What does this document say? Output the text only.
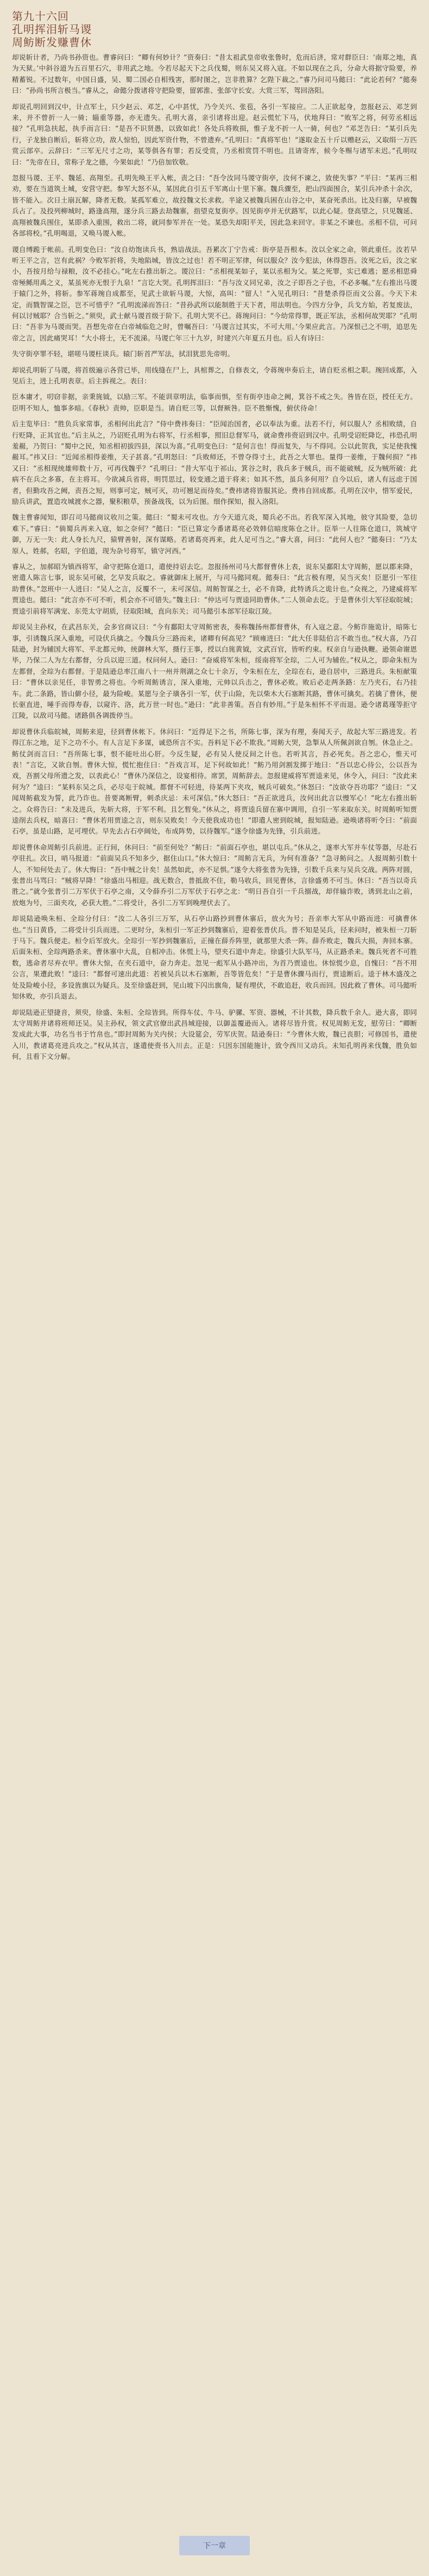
第九十六回
孔明挥泪斩马谡
周鲂断发赚曹休

却说斩计者，乃尚书孙资也。曹睿问曰：“卿有何妙计？”资奏曰：“昔太祖武皇帝收张鲁时，危而后济，常对群臣曰：‘南郑之地，真为天狱。’中斜谷道为五百里石穴，非用武之地。今若尽起天下之兵伐蜀，则东吴又将入寇。不如以现在之兵，分命大将据守险要，养精蓄锐。不过数年，中国日盛，吴、蜀二国必自相残害，那时图之，岂非胜算？乞陛下裁之。”睿乃问司马懿曰：“此论若何？”懿奏曰：“孙尚书所言极当。”睿从之，命懿分拨诸将守把险要，留郭淮、张郃守长安。大赏三军，驾回洛阳。

却说孔明回到汉中，计点军士，只少赵云、邓芝，心中甚忧，乃令关兴、张苞，各引一军接应。二人正欲起身，忽报赵云、邓芝到来，并不曾折一人一骑；辎重等器，亦无遗失。孔明大喜，亲引诸将出迎。赵云慌忙下马，伏地拜曰：“败军之将，何劳丞相远接？”孔明急扶起，执手而言曰：“是吾不识贤愚，以致如此！各处兵将败损，惟子龙不折一人一骑，何也？”邓芝告曰：“某引兵先行，子龙独自断后，斩将立功，敌人惊怕，因此军资什物，不曾遗弃。”孔明曰：“真将军也！”遂取金五十斤以赠赵云，又取绢一万匹赏云部卒。云辞曰：“三军无尺寸之功，某等俱各有罪；若反受赏，乃丞相赏罚不明也。且请寄库，候今冬赐与诸军未迟。”孔明叹曰：“先帝在日，常称子龙之德，今果如此！”乃倍加钦敬。

忽报马谡、王平、魏延、高翔至。孔明先唤王平入帐，责之曰：“吾令汝同马谡守街亭，汝何不谏之，致使失事？”平曰：“某再三相劝，要在当道筑土城，安营守把。参军大怒不从，某因此自引五千军离山十里下寨。魏兵骤至，把山四面围合，某引兵冲杀十余次，皆不能入。次日土崩瓦解，降者无数。某孤军难立，故投魏文长求救。半途又被魏兵困在山谷之中，某奋死杀出。比及归寨，早被魏兵占了。及投列柳城时，路逢高翔，遂分兵三路去劫魏寨，指望克复街亭。因见街亭并无伏路军，以此心疑。登高望之，只见魏延、高翔被魏兵围住，某即杀入重围，救出二将，就同参军并在一处。某恐失却阳平关，因此急来回守。非某之不谏也。丞相不信，可问各部将校。”孔明喝退，又唤马谡入帐。

谡自缚跪于帐前。孔明变色曰：“汝自幼饱读兵书，熟谙战法。吾累次丁宁告戒：街亭是吾根本。汝以全家之命，领此重任。汝若早听王平之言，岂有此祸？今败军折将，失地陷城，皆汝之过也！若不明正军律，何以服众？汝今犯法，休得怨吾。汝死之后，汝之家小，吾按月给与禄粮，汝不必挂心。”叱左右推出斩之。谡泣曰：“丞相视某如子，某以丞相为父。某之死罪，实已难逃；愿丞相思舜帝殛鲧用禹之义，某虽死亦无恨于九泉！”言讫大哭。孔明挥泪曰：“吾与汝义同兄弟，汝之子即吾之子也，不必多嘱。”左右推出马谡于辕门之外，将斩。参军蒋琬自成都至，见武士欲斩马谡，大惊，高叫：“留人！”入见孔明曰：“昔楚杀得臣而文公喜。今天下未定，而戮智谋之臣，岂不可惜乎？”孔明流涕而答曰：“昔孙武所以能制胜于天下者，用法明也。今四方分争，兵戈方始，若复废法，何以讨贼耶？合当斩之。”须臾，武士献马谡首级于阶下。孔明大哭不已。蒋琬问曰：“今幼常得罪，既正军法，丞相何故哭耶？”孔明曰：“吾非为马谡而哭。吾想先帝在白帝城临危之时，曾嘱吾曰：‘马谡言过其实，不可大用。’今果应此言。乃深恨己之不明，追思先帝之言，因此痛哭耳！”大小将士，无不流涕。马谡亡年三十九岁，时建兴六年夏五月也。后人有诗曰：

失守街亭罪不轻，堪嗟马谡枉谈兵。辕门斩首严军法，拭泪犹思先帝明。

却说孔明斩了马谡，将首级遍示各营已毕，用线缝在尸上，具棺葬之，自修表文，令蒋琬申奏后主，请自贬丞相之职。琬回成都，入见后主，进上孔明表章。后主拆视之。表曰：

臣本庸才，叨窃非据，亲秉旄钺，以励三军。不能训章明法，临事而惧，至有街亭违命之阙，箕谷不戒之失。咎皆在臣，授任无方。臣明不知人，恤事多暗。《春秋》责帅，臣职是当。请自贬三等，以督厥咎。臣不胜惭愧，俯伏待命！

后主览毕曰：“胜负兵家常事，丞相何出此言？”侍中费祎奏曰：“臣闻治国者，必以奉法为重。法若不行，何以服人？丞相败绩，自行贬降，正其宜也。”后主从之，乃诏贬孔明为右将军，行丞相事，照旧总督军马，就命费祎赍诏到汉中。孔明受诏贬降讫，祎恐孔明羞赧，乃贺曰：“蜀中之民，知丞相初拔四县，深以为喜。”孔明变色曰：“是何言也！得而复失，与不得同。公以此贺我，实足使我愧赧耳。”祎又曰：“近闻丞相得姜维，天子甚喜。”孔明怒曰：“兵败师还，不曾夺得寸土，此吾之大罪也。量得一姜维，于魏何损？”祎又曰：“丞相现统雄师数十万，可再伐魏乎？”孔明曰：“昔大军屯于祁山、箕谷之时，我兵多于贼兵，而不能破贼，反为贼所破：此病不在兵之多寡，在主将耳。今欲减兵省将，明罚思过，较变通之道于将来；如其不然，虽兵多何用？自今以后，诸人有远虑于国者，但勤攻吾之阙，责吾之短，则事可定，贼可灭，功可翘足而待矣。”费祎诸将皆服其论。费祎自回成都。孔明在汉中，惜军爱民，励兵讲武，置造攻城渡水之器，聚积粮草，预备战筏，以为后图。细作探知，报入洛阳。

魏主曹睿闻知，即召司马懿商议收川之策。懿曰：“蜀未可攻也。方今天道亢炎，蜀兵必不出。若我军深入其地，彼守其险要，急切难下。”睿曰：“倘蜀兵再来入寇，如之奈何？”懿曰：“臣已算定今番诸葛亮必效韩信暗度陈仓之计。臣举一人往陈仓道口，筑城守御，万无一失：此人身长九尺，猿臂善射，深有谋略。若诸葛亮再来，此人足可当之。”睿大喜，问曰：“此何人也？”懿奏曰：“乃太原人，姓郝，名昭，字伯道，现为杂号将军，镇守河西。”

睿从之，加郝昭为镇西将军，命守把陈仓道口，遣使持诏去讫。忽报扬州司马大都督曹休上表，说东吴鄱阳太守周鲂，愿以郡来降，密遣人陈言七事，说东吴可破，乞早发兵取之。睿就御床上展开，与司马懿同观。懿奏曰：“此言极有理，吴当灭矣！臣愿引一军往助曹休。”忽班中一人进曰：“吴人之言，反覆不一，未可深信。周鲂智谋之士，必不肯降，此特诱兵之诡计也。”众视之，乃建威将军贾逵也。懿曰：“此言亦不可不听，机会亦不可错失。”魏主曰：“仲达可与贾逵同助曹休。”二人领命去讫。于是曹休引大军径取皖城；贾逵引前将军满宠、东莞太守胡质，径取阳城，直向东关；司马懿引本部军径取江陵。

却说吴主孙权，在武昌东关，会多官商议曰：“今有鄱阳太守周鲂密表，奏称魏扬州都督曹休，有入寇之意。今鲂诈施诡计，暗陈七事，引诱魏兵深入重地，可设伏兵擒之。今魏兵分三路而来，诸卿有何高见？”顾雍进曰：“此大任非陆伯言不敢当也。”权大喜，乃召陆逊，封为辅国大将军、平北都元帅，统御林大军，摄行王事，授以白旄黄钺，文武百官，皆听约束。权亲自与逊执鞭。逊领命谢恩毕，乃保二人为左右都督，分兵以迎三道。权问何人。逊曰：“奋威将军朱桓，绥南将军全琮，二人可为辅佐。”权从之，即命朱桓为左都督，全琮为右都督。于是陆逊总率江南八十一州并荆湖之众七十余万，令朱桓在左，全琮在右，逊自居中，三路进兵。朱桓献策曰：“曹休以亲见任，非智勇之将也。今听周鲂诱言，深入重地，元帅以兵击之，曹休必败。败后必走两条路：左乃夹石，右乃挂车。此二条路，皆山僻小径，最为险峻。某愿与全子璜各引一军，伏于山险，先以柴木大石塞断其路，曹休可擒矣。若擒了曹休，便长驱直进，唾手而得寿春，以窥许、洛，此万世一时也。”逊曰：“此非善策。吾自有妙用。”于是朱桓怀不平而退。逊令诸葛瑾等拒守江陵，以敌司马懿。诸路俱各调拨停当。

却说曹休兵临皖城，周鲂来迎，径到曹休帐下。休问曰：“近得足下之书，所陈七事，深为有理，奏闻天子，故起大军三路进发。若得江东之地，足下之功不小。有人言足下多谋，诚恐所言不实。吾料足下必不欺我。”周鲂大哭，急掣从人所佩剑欲自刎。休急止之。鲂仗剑而言曰：“吾所陈七事，恨不能吐出心肝。今反生疑，必有吴人使反间之计也。若听其言，吾必死矣。吾之忠心，惟天可表！”言讫，又欲自刎。曹休大惊，慌忙抱住曰：“吾戏言耳，足下何故如此！”鲂乃用剑割发掷于地曰：“吾以忠心待公，公以吾为戏，吾割父母所遗之发，以表此心！”曹休乃深信之，设宴相待。席罢，周鲂辞去。忽报建威将军贾逵来见，休令入，问曰：“汝此来何为？”逵曰：“某料东吴之兵，必尽屯于皖城。都督不可轻进，待某两下夹攻，贼兵可破矣。”休怒曰：“汝欲夺吾功耶？”逵曰：“又闻周鲂截发为誓，此乃诈也。昔要离断臂，刺杀庆忌：未可深信。”休大怒曰：“吾正欲进兵，汝何出此言以慢军心！”叱左右推出斩之。众将告曰：“未及进兵，先斩大将，于军不利。且乞暂免。”休从之，将贾逵兵留在寨中调用，自引一军来取东关。时周鲂听知贾逵削去兵权，暗喜曰：“曹休若用贾逵之言，则东吴败矣！今天使我成功也！”即遣人密到皖城，报知陆逊。逊唤诸将听令曰：“前面石亭，虽是山路，足可埋伏。早先去占石亭阔处，布成阵势，以待魏军。”遂令徐盛为先锋，引兵前进。

却说曹休命周鲂引兵前进。正行间，休问曰：“前至何处？”鲂曰：“前面石亭也，堪以屯兵。”休从之，遂率大军并车仗等器，尽赴石亭驻扎。次日，哨马报道：“前面吴兵不知多少，据住山口。”休大惊曰：“周鲂言无兵，为何有准备？”急寻鲂问之。人报周鲂引数十人，不知何处去了。休大悔曰：“吾中贼之计矣！虽然如此，亦不足惧。”遂令大将张普为先锋，引数千兵来与吴兵交战。两阵对圆，张普出马骂曰：“贼将早降！”徐盛出马相迎。战无数合，普抵敌不住，勒马收兵，回见曹休，言徐盛勇不可当。休曰：“吾当以奇兵胜之。”就令张普引二万军伏于石亭之南，又令薛乔引二万军伏于石亭之北：“明日吾自引一千兵搦战，却佯输诈败，诱到北山之前，放炮为号，三面夹攻，必获大胜。”二将受计，各引二万军到晚埋伏去了。

却说陆逊唤朱桓、全琮分付曰：“汝二人各引三万军，从石亭山路抄到曹休寨后，放火为号；吾亲率大军从中路而进：可擒曹休也。”当日黄昏，二将受计引兵而进。二更时分，朱桓引一军正抄到魏寨后，迎着张普伏兵。普不知是吴兵，径来问时，被朱桓一刀斩于马下。魏兵便走。桓令后军放火。全琮引一军抄到魏寨后，正撞在薛乔阵里，就那里大杀一阵。薛乔败走，魏兵大损，奔回本寨。后面朱桓、全琮两路杀来。曹休寨中大乱，自相冲击。休慌上马，望夹石道中奔走。徐盛引大队军马，从正路杀来。魏兵死者不可胜数，逃命者尽弃衣甲。曹休大惊，在夹石道中，奋力奔走。忽见一彪军从小路冲出，为首乃贾逵也。休惊慌少息，自愧曰：“吾不用公言，果遭此败！”逵曰：“都督可速出此道：若被吴兵以木石塞断，吾等皆危矣！”于是曹休骤马而行，贾逵断后。逵于林木盛茂之处及险峻小径，多设旌旗以为疑兵。及至徐盛赶到，见山坡下闪出旗角，疑有埋伏，不敢追赶，收兵而回。因此救了曹休。司马懿听知休败，亦引兵退去。

却说陆逊正望捷音，须臾，徐盛、朱桓、全琮皆到。所得车仗、牛马、驴骡、军资、器械，不计其数，降兵数千余人。逊大喜，即同太守周鲂并诸将班师还吴。吴主孙权，领文武官僚出武昌城迎接，以御盖覆逊而入。诸将尽皆升赏。权见周鲂无发，慰劳曰：“卿断发成此大事，功名当书于竹帛也。”即封周鲂为关内侯；大设筵会，劳军庆贺。陆逊奏曰：“今曹休大败，魏已丧胆；可修国书，遣使入川，教诸葛亮进兵攻之。”权从其言，遂遣使赍书入川去。正是：只因东国能施计，致令西川又动兵。未知孔明再来伐魏，胜负如何，且看下文分解。

下一章
